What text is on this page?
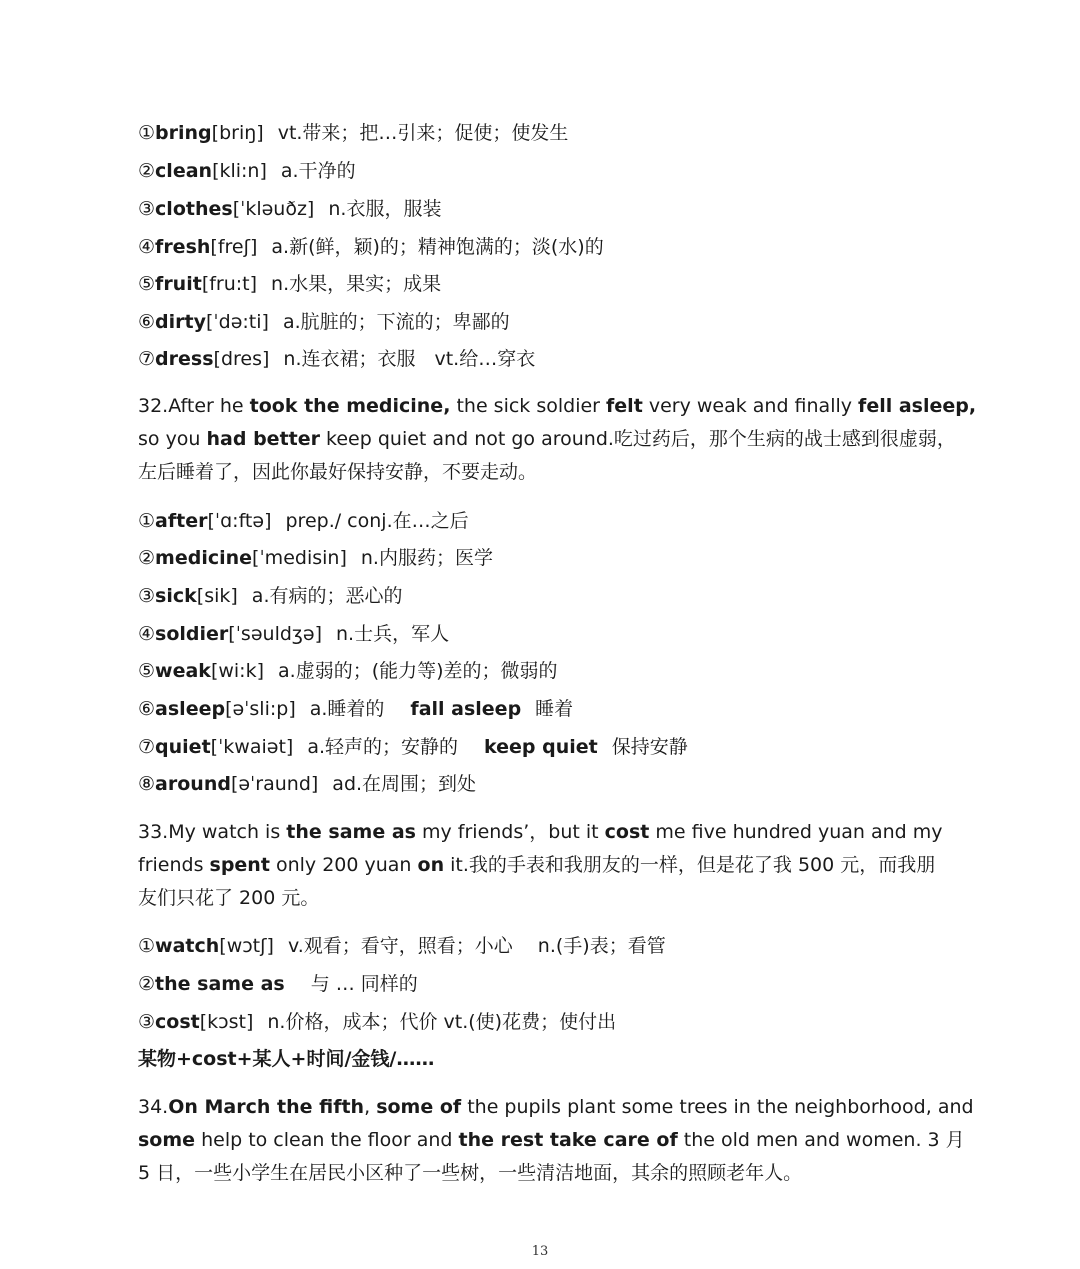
①bring[briŋ] vt.带来；把…引来；促使；使发生
②clean[kli:n] a.干净的
③clothes[ˈkləuðz] n.衣服，服装
④fresh[freʃ] a.新(鲜，颖)的；精神饱满的；淡(水)的
⑤fruit[fru:t] n.水果，果实；成果
⑥dirty[ˈdə:ti] a.肮脏的；下流的；卑鄙的
⑦dress[dres] n.连衣裙；衣服　vt.给…穿衣
32.After he took the medicine, the sick soldier felt very weak and finally fell asleep,
so you had better keep quiet and not go around.吃过药后，那个生病的战士感到很虚弱，
左后睡着了，因此你最好保持安静，不要走动。
①after[ˈɑ:ftə] prep./ conj.在…之后
②medicine[ˈmedisin] n.内服药；医学
③sick[sik] a.有病的；恶心的
④soldier[ˈsəuldʒə] n.士兵，军人
⑤weak[wi:k] a.虚弱的；(能力等)差的；微弱的
⑥asleep[əˈsli:p] a.睡着的 fall asleep 睡着
⑦quiet[ˈkwaiət] a.轻声的；安静的 keep quiet 保持安静
⑧around[əˈraund] ad.在周围；到处
33.My watch is the same as my friends’，but it cost me five hundred yuan and my
friends spent only 200 yuan on it.我的手表和我朋友的一样，但是花了我 500 元，而我朋
友们只花了 200 元。
①watch[wɔtʃ] v.观看；看守，照看；小心　 n.(手)表；看管
②the same as 与 … 同样的
③cost[kɔst] n.价格，成本；代价 vt.(使)花费；使付出
某物+cost+某人+时间/金钱/……
34.On March the fifth, some of the pupils plant some trees in the neighborhood, and
some help to clean the floor and the rest take care of the old men and women. 3 月
5 日，一些小学生在居民小区种了一些树，一些清洁地面，其余的照顾老年人。
13
